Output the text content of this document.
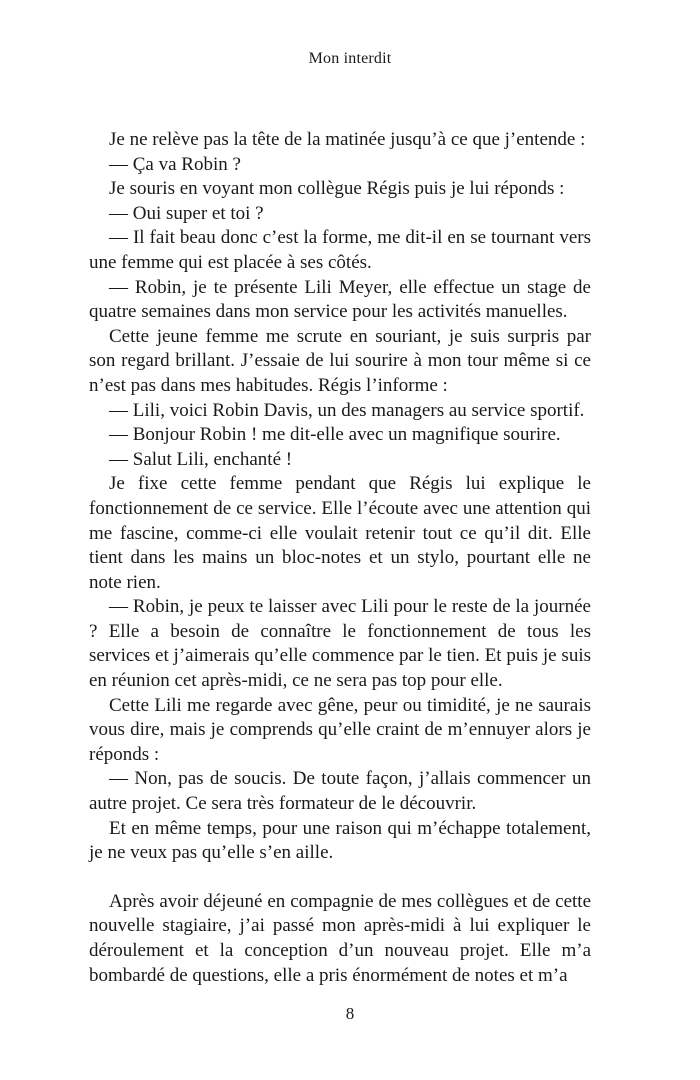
Mon interdit

Je ne relève pas la tête de la matinée jusqu’à ce que j’entende :

— Ça va Robin ?

Je souris en voyant mon collègue Régis puis je lui réponds :

— Oui super et toi ?

— Il fait beau donc c’est la forme, me dit-il en se tournant vers une femme qui est placée à ses côtés.

— Robin, je te présente Lili Meyer, elle effectue un stage de quatre semaines dans mon service pour les activités manuelles.

Cette jeune femme me scrute en souriant, je suis surpris par son regard brillant. J’essaie de lui sourire à mon tour même si ce n’est pas dans mes habitudes. Régis l’informe :

— Lili, voici Robin Davis, un des managers au service sportif.

— Bonjour Robin ! me dit-elle avec un magnifique sourire.

— Salut Lili, enchanté !

Je fixe cette femme pendant que Régis lui explique le fonctionnement de ce service. Elle l’écoute avec une attention qui me fascine, comme-ci elle voulait retenir tout ce qu’il dit. Elle tient dans les mains un bloc-notes et un stylo, pourtant elle ne note rien.

— Robin, je peux te laisser avec Lili pour le reste de la journée ? Elle a besoin de connaître le fonctionnement de tous les services et j’aimerais qu’elle commence par le tien. Et puis je suis en réunion cet après-midi, ce ne sera pas top pour elle.

Cette Lili me regarde avec gêne, peur ou timidité, je ne saurais vous dire, mais je comprends qu’elle craint de m’ennuyer alors je réponds :

— Non, pas de soucis. De toute façon, j’allais commencer un autre projet. Ce sera très formateur de le découvrir.

Et en même temps, pour une raison qui m’échappe totalement, je ne veux pas qu’elle s’en aille.

Après avoir déjeuné en compagnie de mes collègues et de cette nouvelle stagiaire, j’ai passé mon après-midi à lui expliquer le déroulement et la conception d’un nouveau projet. Elle m’a bombardé de questions, elle a pris énormément de notes et m’a

8
